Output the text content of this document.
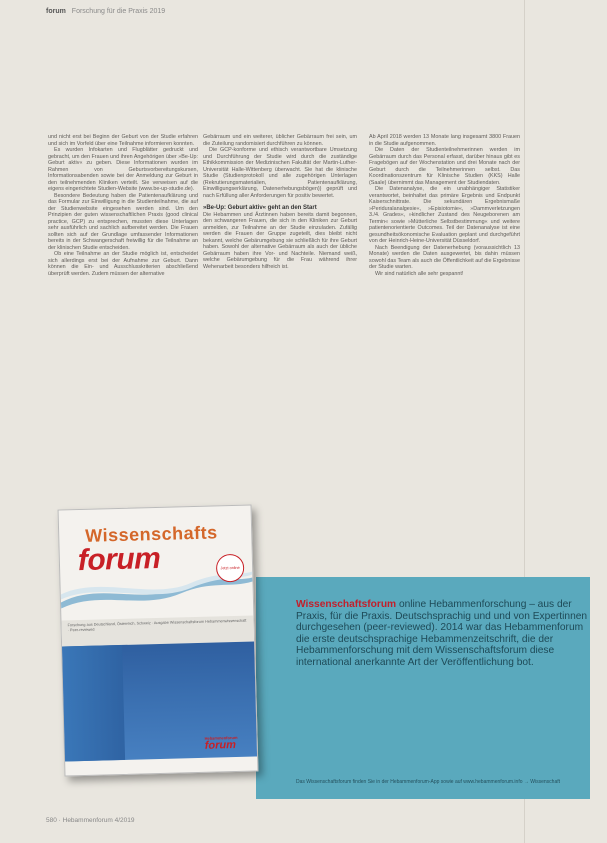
forum Forschung für die Praxis 2019

und nicht erst bei Beginn der Geburt von der Studie erfahren und sich im Vorfeld über eine Teilnahme informieren konnten.

Es wurden Infokarten und Flugblätter gedruckt und gebracht, um den Frauen und ihren Angehörigen über »Be-Up: Geburt aktiv« zu geben. Diese Informationen wurden im Rahmen von Geburtsvorbereitungskursen, Informationsabenden sowie bei der Anmeldung zur Geburt in den teilnehmenden Kliniken verteilt. Sie verweisen auf die eigens eingerichtete Studien-Website (www.be-up-studie.de).

Besondere Bedeutung haben die Patientenaufklärung und das Formular zur Einwilligung in die Studienteilnahme, die auf der Studienwebsite eingesehen werden sind. Um den Prinzipien der guten wissenschaftlichen Praxis (good clinical practice, GCP) zu entsprechen, mussten diese Unterlagen sehr ausführlich und sachlich aufbereitet werden. Die Frauen sollten sich auf der Grundlage umfassender Informationen bereits in der Schwangerschaft freiwillig für die Teilnahme an der klinischen Studie entscheiden.

Ob eine Teilnahme an der Studie möglich ist, entscheidet sich allerdings erst bei der Aufnahme zur Geburt. Dann können die Ein- und Ausschlusskriterien abschließend überprüft werden. Zudem müssen der alternative

Gebärraum und ein weiterer, üblicher Gebärraum frei sein, um die Zuteilung randomisiert durchführen zu können.

Die GCP-konforme und ethisch verantwortbare Umsetzung und Durchführung der Studie wird durch die zuständige Ethikkommission der Medizinischen Fakultät der Martin-Luther-Universität Halle-Wittenberg überwacht. Sie hat die klinische Studie (Studienprotokoll und alle zugehörigen Unterlagen (Rekrutierungsmaterialien, Patientenaufklärung, Einwilligungserklärung, Datenerhebungsbögen)) geprüft und nach Erfüllung aller Anforderungen für positiv bewertet.

»Be-Up: Geburt aktiv« geht an den Start

Die Hebammen und Ärztinnen haben bereits damit begonnen, den schwangeren Frauen, die sich in den Kliniken zur Geburt anmelden, zur Teilnahme an der Studie einzuladen. Zufällig werden die Frauen der Gruppe zugeteilt, dies bleibt nicht bekannt, welche Gebärumgebung sie schließlich für ihre Geburt haben. Sowohl der alternative Gebärraum als auch der übliche Gebärraum haben ihre Vor- und Nachteile. Niemand weiß, welche Gebärumgebung für die Frau während ihrer Wehenarbeit besonders hilfreich ist.

Ab April 2018 werden 13 Monate lang insgesamt 3800 Frauen in die Studie aufgenommen.

Die Daten der Studienteilnehmerinnen werden im Gebärraum durch das Personal erfasst, darüber hinaus gibt es Fragebögen auf der Wochenstation und drei Monate nach der Geburt durch die Teilnehmerinnen selbst. Das Koordinationszentrum für Klinische Studien (KKS) Halle (Saale) übernimmt das Management der Studiendaten.

Die Datenanalyse, die ein unabhängiger Statistiker verantwortet, beinhaltet das primäre Ergebnis und Endpunkt Kaiserschnittrate. Die sekundären Ergebnismaße »Periduralanalgesie«, »Episiotomie«, »Dammverletzungen 3./4. Grades«, »kindlicher Zustand des Neugeborenen am Termin« sowie »Mütterliche Selbstbestimmung« und weitere patientenorientierte Outcomes. Teil der Datenanalyse ist eine gesundheitsökonomische Evaluation geplant und durchgeführt von der Heinrich-Heine-Universität Düsseldorf.

Nach Beendigung der Datenerhebung (voraussichtlich 13 Monate) werden die Daten ausgewertet, bis dahin müssen sowohl das Team als auch die Öffentlichkeit auf die Ergebnisse der Studie warten.

Wir sind natürlich alle sehr gespannt!

Wissenschaftsforum online Hebammenforschung – aus der Praxis, für die Praxis. Deutschsprachig und und von Expertinnen durchgesehen (peer-reviewed). 2014 war das Hebammenforum die erste deutschsprachige Hebammenzeitschrift, die der Hebammenforschung mit dem Wissenschaftsforum diese international anerkannte Art der Veröffentlichung bot.
Das Wissenschaftsforum finden Sie in der Hebammenforum-App sowie auf www.hebammenforum.info → Wissenschaft
Wissenschafts
forum	Jetzt online
Forschung aus Deutschland, Österreich, Schweiz · Ausgabe Wissenschaftsforum Hebammenwissenschaft · Peer-reviewed
Hebammenforum
forum
580 · Hebammenforum 4/2019
